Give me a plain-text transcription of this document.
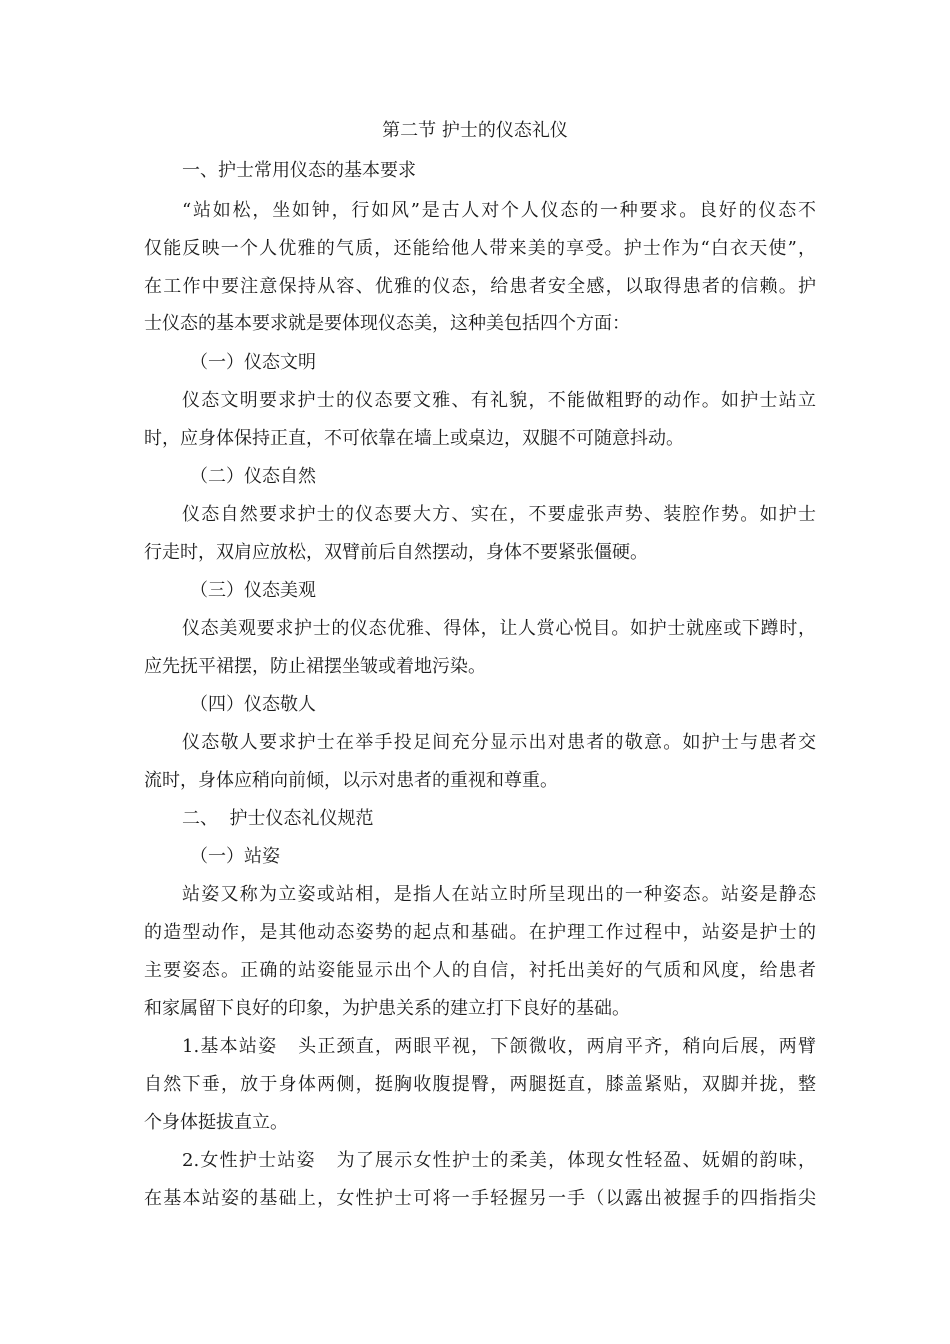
第二节 护士的仪态礼仪
一、护士常用仪态的基本要求
“站如松，坐如钟，行如风”是古人对个人仪态的一种要求。良好的仪态不
仅能反映一个人优雅的气质，还能给他人带来美的享受。护士作为“白衣天使”，
在工作中要注意保持从容、优雅的仪态，给患者安全感，以取得患者的信赖。护
士仪态的基本要求就是要体现仪态美，这种美包括四个方面：
（一）仪态文明
仪态文明要求护士的仪态要文雅、有礼貌，不能做粗野的动作。如护士站立
时，应身体保持正直，不可依靠在墙上或桌边，双腿不可随意抖动。
（二）仪态自然
仪态自然要求护士的仪态要大方、实在，不要虚张声势、装腔作势。如护士
行走时，双肩应放松，双臂前后自然摆动，身体不要紧张僵硬。
（三）仪态美观
仪态美观要求护士的仪态优雅、得体，让人赏心悦目。如护士就座或下蹲时，
应先抚平裙摆，防止裙摆坐皱或着地污染。
（四）仪态敬人
仪态敬人要求护士在举手投足间充分显示出对患者的敬意。如护士与患者交
流时，身体应稍向前倾，以示对患者的重视和尊重。
二、  护士仪态礼仪规范
（一）站姿
站姿又称为立姿或站相，是指人在站立时所呈现出的一种姿态。站姿是静态
的造型动作，是其他动态姿势的起点和基础。在护理工作过程中，站姿是护士的
主要姿态。正确的站姿能显示出个人的自信，衬托出美好的气质和风度，给患者
和家属留下良好的印象，为护患关系的建立打下良好的基础。
1.基本站姿   头正颈直，两眼平视，下颌微收，两肩平齐，稍向后展，两臂
自然下垂，放于身体两侧，挺胸收腹提臀，两腿挺直，膝盖紧贴，双脚并拢，整
个身体挺拔直立。
2.女性护士站姿   为了展示女性护士的柔美，体现女性轻盈、妩媚的韵味，
在基本站姿的基础上，女性护士可将一手轻握另一手（以露出被握手的四指指尖
